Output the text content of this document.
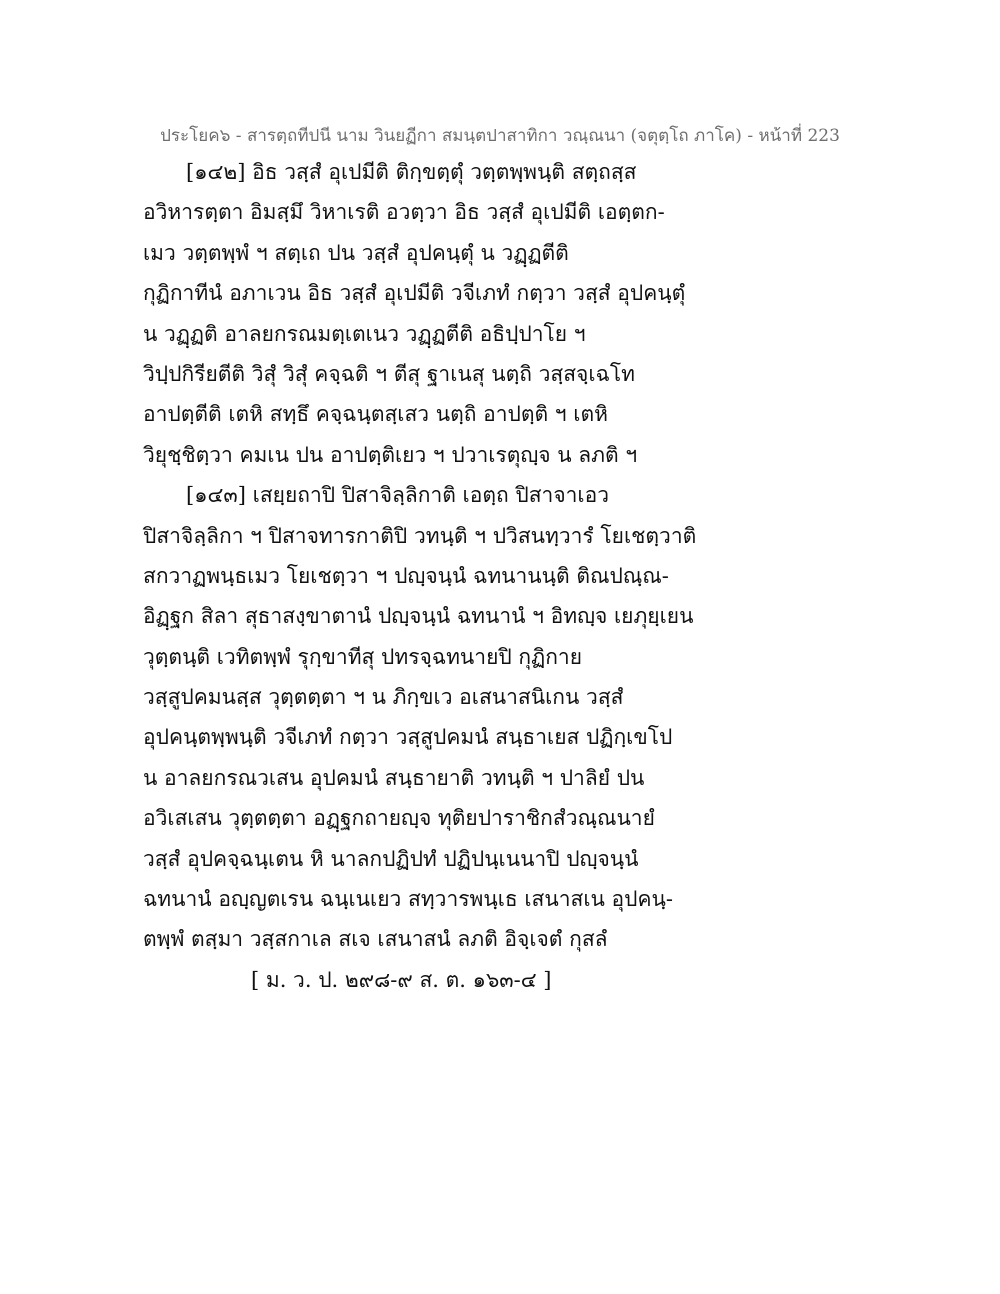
ประโยค๖ - สารตฺถทีปนี นาม วินยฏีกา สมนฺตปาสาทิกา วณฺณนา (จตุตฺโถ ภาโค) - หน้าที่ 223
[๑๔๒] อิธ วสฺสํ อุเปมีติ ติกฺขตฺตุํ วตฺตพฺพนฺติ สตฺถสฺส
อวิหารตฺตา อิมสฺมึ วิหาเรติ อวตฺวา อิธ วสฺสํ อุเปมีติ เอตฺตก-
เมว วตฺตพฺพํ ฯ สตฺเถ ปน วสฺสํ อุปคนฺตุํ น วฏฺฏตีติ
กุฏิกาทีนํ อภาเวน อิธ วสฺสํ อุเปมีติ วจีเภทํ กตฺวา วสฺสํ อุปคนฺตุํ
น วฏฺฏติ อาลยกรณมตฺเตเนว วฏฺฏตีติ อธิปฺปาโย ฯ
วิปฺปกิรียตีติ วิสุํ วิสุํ คจฺฉติ ฯ ตีสุ ฐาเนสุ นตฺถิ วสฺสจฺเฉโท
อาปตฺตีติ เตหิ สทฺธึ คจฺฉนฺตสฺเสว นตฺถิ อาปตฺติ ฯ เตหิ
วิยุชฺชิตฺวา คมเน ปน อาปตฺติเยว ฯ ปวาเรตุญฺจ น ลภติ ฯ
[๑๔๓] เสยฺยถาปิ ปิสาจิลฺลิกาติ เอตฺถ ปิสาจาเอว
ปิสาจิลฺลิกา ฯ ปิสาจทารกาติปิ วทนฺติ ฯ ปวิสนทฺวารํ โยเชตฺวาติ
สกวาฏพนฺธเมว โยเชตฺวา ฯ ปญฺจนฺนํ ฉทนานนฺติ ติณปณฺณ-
อิฏฺฐก สิลา สุธาสงฺขาตานํ ปญฺจนฺนํ ฉทนานํ ฯ อิทญฺจ เยภุยฺเยน
วุตฺตนฺติ เวทิตพฺพํ รุกฺขาทีสุ ปทรจฺฉทนายปิ กุฏิกาย
วสฺสูปคมนสฺส วุตฺตตฺตา ฯ น ภิกฺขเว อเสนาสนิเกน วสฺสํ
อุปคนฺตพฺพนฺติ วจีเภทํ กตฺวา วสฺสูปคมนํ สนฺธาเยส ปฏิกฺเขโป
น อาลยกรณวเสน อุปคมนํ สนฺธายาติ วทนฺติ ฯ ปาลิยํ ปน
อวิเสเสน วุตฺตตฺตา อฏฺฐกถายญฺจ ทุติยปาราชิกสํวณฺณนายํ
วสฺสํ อุปคจฺฉนฺเตน หิ นาลกปฏิปทํ ปฏิปนฺเนนาปิ ปญฺจนฺนํ
ฉทนานํ อญฺญตเรน ฉนฺเนเยว สทฺวารพนฺเธ เสนาสเน อุปคนฺ-
ตพฺพํ ตสฺมา วสฺสกาเล สเจ เสนาสนํ ลภติ อิจฺเจตํ กุสลํ
[ ม. ว. ป. ๒๙๘-๙ ส. ต. ๑๖๓-๔ ]
